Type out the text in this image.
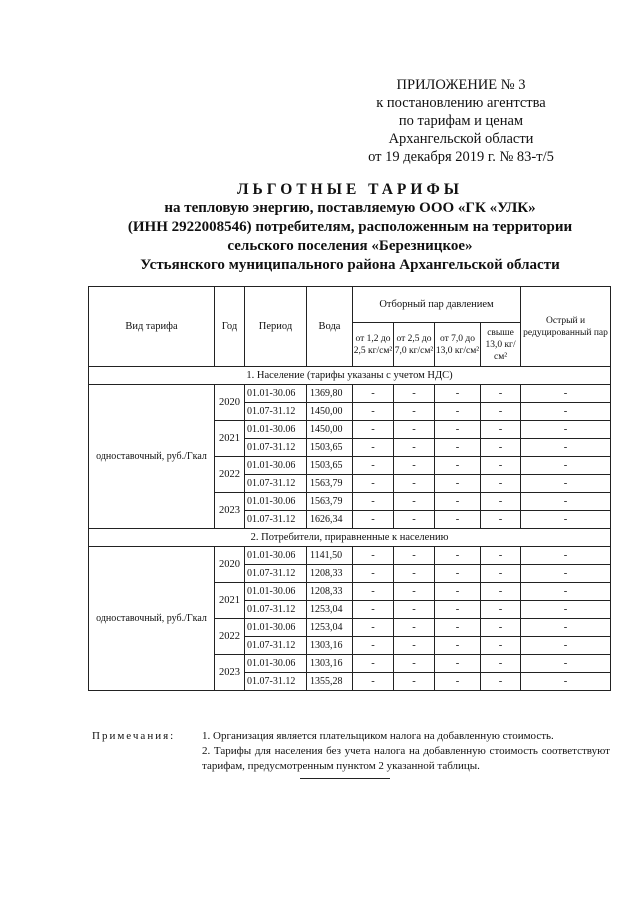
ПРИЛОЖЕНИЕ № 3
к постановлению агентства
по тарифам и ценам
Архангельской области
от 19 декабря 2019 г. № 83-т/5
ЛЬГОТНЫЕ ТАРИФЫ
на тепловую энергию, поставляемую ООО «ГК «УЛК»
(ИНН 2922008546) потребителям, расположенным на территории
сельского поселения «Березницкое»
Устьянского муниципального района Архангельской области
Вид тарифа	Год	Период	Вода	Отборный пар давлением				Острый и редуцированный пар
				от 1,2 до 2,5 кг/см²	от 2,5 до 7,0 кг/см²	от 7,0 до 13,0 кг/см²	свыше 13,0 кг/см²	
1. Население (тарифы указаны с учетом НДС)								
одноставочный, руб./Гкал	2020	01.01-30.06	1369,80	-	-	-	-	-
		01.07-31.12	1450,00	-	-	-	-	-
	2021	01.01-30.06	1450,00	-	-	-	-	-
		01.07-31.12	1503,65	-	-	-	-	-
	2022	01.01-30.06	1503,65	-	-	-	-	-
		01.07-31.12	1563,79	-	-	-	-	-
	2023	01.01-30.06	1563,79	-	-	-	-	-
		01.07-31.12	1626,34	-	-	-	-	-
2. Потребители, приравненные к населению								
одноставочный, руб./Гкал	2020	01.01-30.06	1141,50	-	-	-	-	-
		01.07-31.12	1208,33	-	-	-	-	-
	2021	01.01-30.06	1208,33	-	-	-	-	-
		01.07-31.12	1253,04	-	-	-	-	-
	2022	01.01-30.06	1253,04	-	-	-	-	-
		01.07-31.12	1303,16	-	-	-	-	-
	2023	01.01-30.06	1303,16	-	-	-	-	-
		01.07-31.12	1355,28	-	-	-	-	-
Примечания: 1. Организация является плательщиком налога на добавленную стоимость.
2. Тарифы для населения без учета налога на добавленную стоимость соответствуют тарифам, предусмотренным пунктом 2 указанной таблицы.
